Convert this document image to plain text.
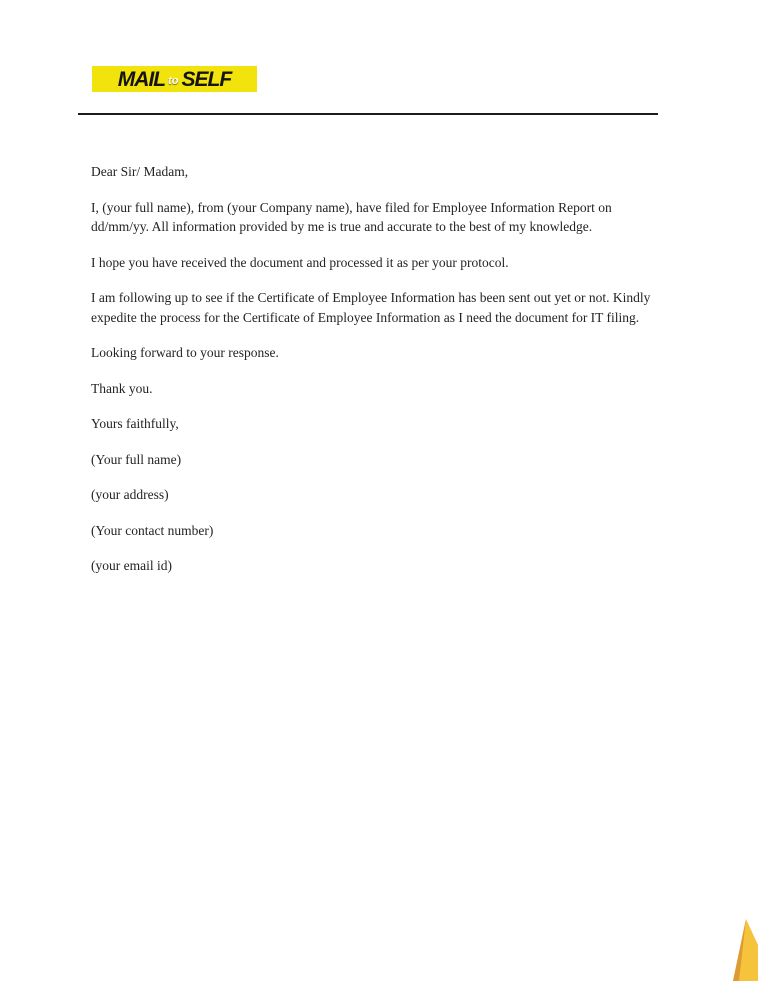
MAIL to SELF

Dear Sir/ Madam,

I, (your full name), from (your Company name), have filed for Employee Information Report on dd/mm/yy. All information provided by me is true and accurate to the best of my knowledge.

I hope you have received the document and processed it as per your protocol.

I am following up to see if the Certificate of Employee Information has been sent out yet or not. Kindly expedite the process for the Certificate of Employee Information as I need the document for IT filing.

Looking forward to your response.

Thank you.

Yours faithfully,

(Your full name)

(your address)

(Your contact number)

(your email id)
